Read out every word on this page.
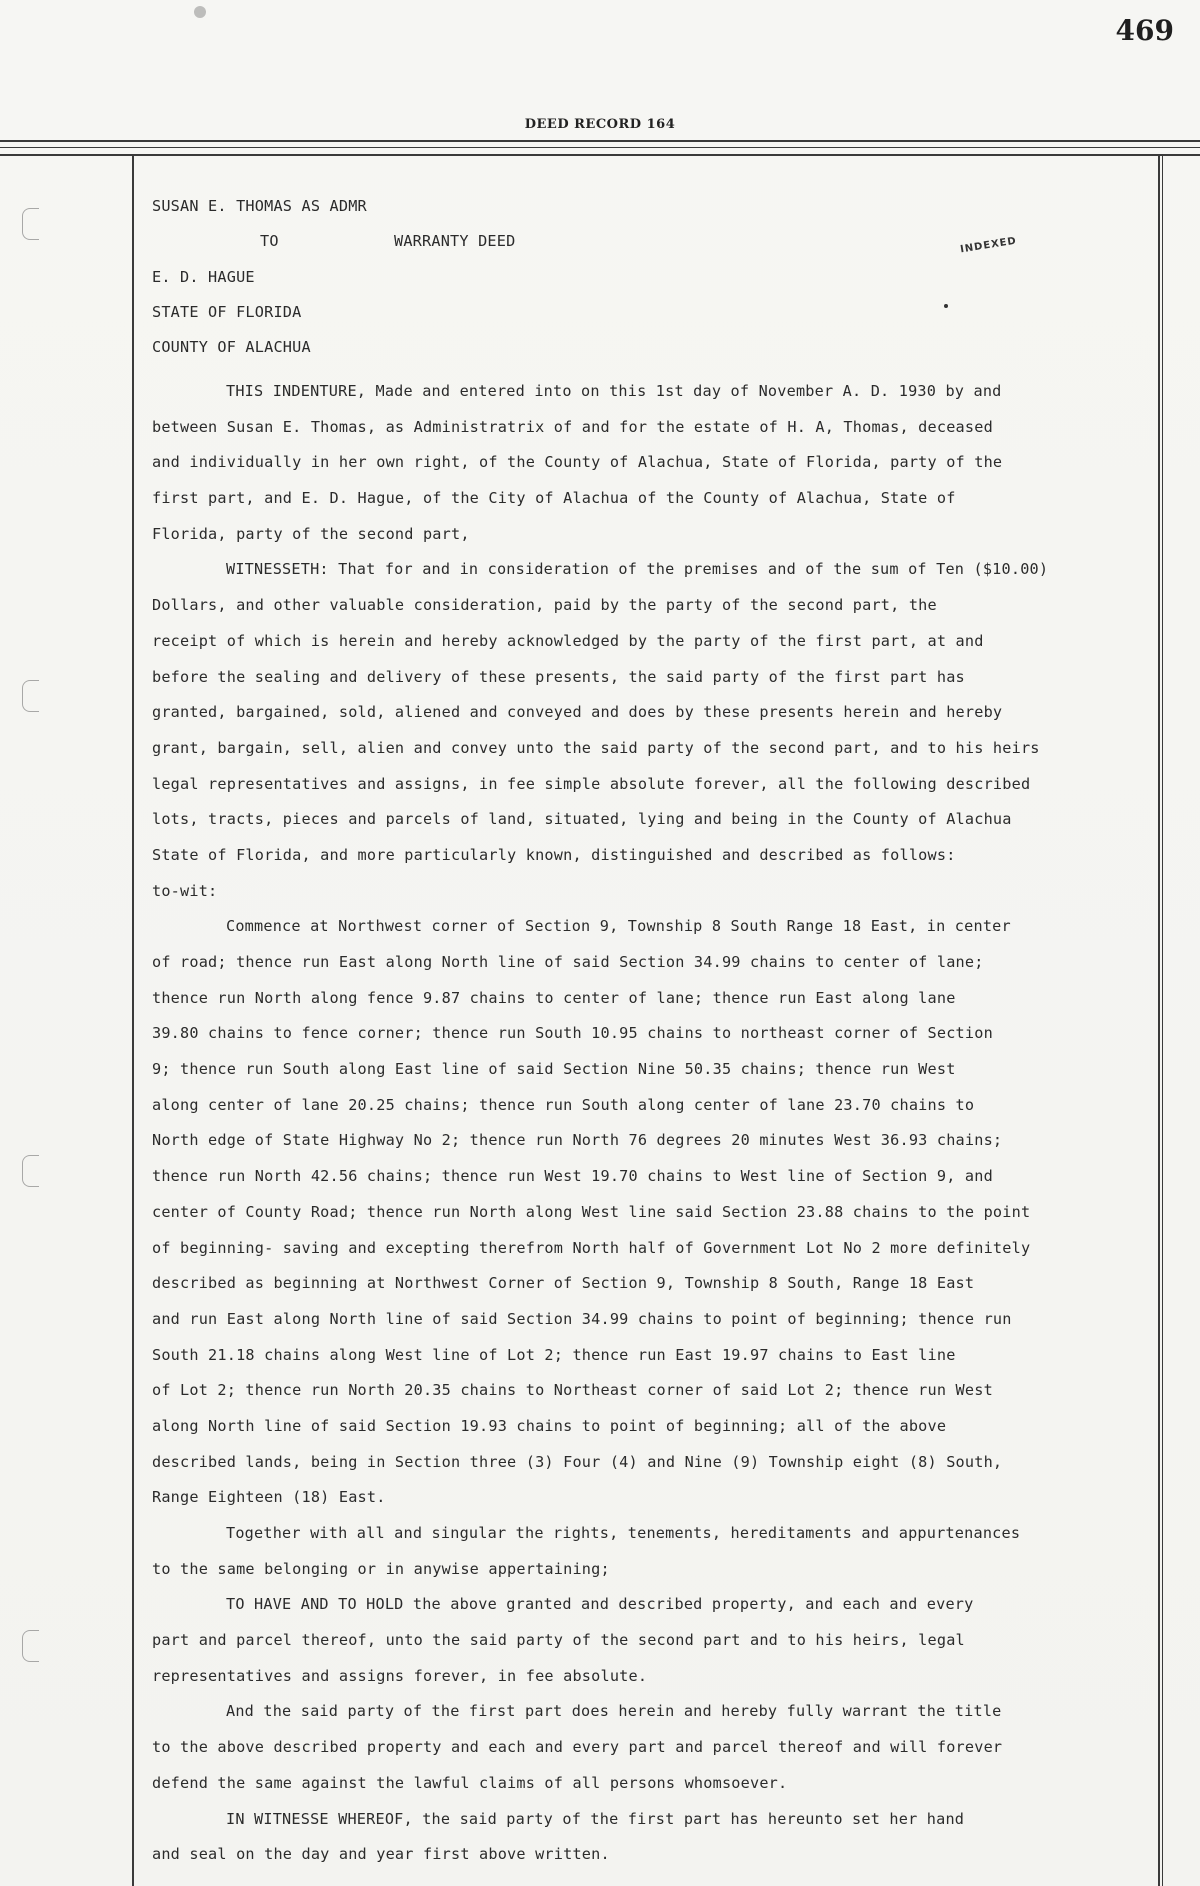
469
DEED RECORD 164
INDEXED
SUSAN E. THOMAS AS ADMR
TO	WARRANTY DEED
E. D. HAGUE
STATE OF FLORIDA
COUNTY OF ALACHUA
THIS INDENTURE, Made and entered into on this 1st day of November A. D. 1930 by and
between Susan E. Thomas, as Administratrix of and for the estate of H. A, Thomas, deceased
and individually in her own right, of the County of Alachua, State of Florida, party of the
first part, and E. D. Hague, of the City of Alachua of the County of Alachua, State of
Florida, party of the second part,
WITNESSETH: That for and in consideration of the premises and of the sum of Ten ($10.00)
Dollars, and other valuable consideration, paid by the party of the second part, the
receipt of which is herein and hereby acknowledged by the party of the first part, at and
before the sealing and delivery of these presents, the said party of the first part has
granted, bargained, sold, aliened and conveyed and does by these presents herein and hereby
grant, bargain, sell, alien and convey unto the said party of the second part, and to his heirs
legal representatives and assigns, in fee simple absolute forever, all the following described
lots, tracts, pieces and parcels of land, situated, lying and being in the County of Alachua
State of Florida, and more particularly known, distinguished and described as follows:
to-wit:
Commence at Northwest corner of Section 9, Township 8 South Range 18 East, in center
of road; thence run East along North line of said Section 34.99 chains to center of lane;
thence run North along fence 9.87 chains to center of lane; thence run East along lane
39.80 chains to fence corner; thence run South 10.95 chains to northeast corner of Section
9; thence run South along East line of said Section Nine 50.35 chains; thence run West
along center of lane 20.25 chains; thence run South along center of lane 23.70 chains to
North edge of State Highway No 2; thence run North 76 degrees 20 minutes West 36.93 chains;
thence run North 42.56 chains; thence run West 19.70 chains to West line of Section 9, and
center of County Road; thence run North along West line said Section 23.88 chains to the point
of beginning- saving and excepting therefrom North half of Government Lot No 2 more definitely
described as beginning at Northwest Corner of Section 9, Township 8 South, Range 18 East
and run East along North line of said Section 34.99 chains to point of beginning; thence run
South 21.18 chains along West line of Lot 2; thence run East 19.97 chains to East line
of Lot 2; thence run North 20.35 chains to Northeast corner of said Lot 2; thence run West
along North line of said Section 19.93 chains to point of beginning; all of the above
described lands, being in Section three (3) Four (4) and Nine (9) Township eight (8) South,
Range Eighteen (18) East.
Together with all and singular the rights, tenements, hereditaments and appurtenances
to the same belonging or in anywise appertaining;
TO HAVE AND TO HOLD the above granted and described property, and each and every
part and parcel thereof, unto the said party of the second part and to his heirs, legal
representatives and assigns forever, in fee absolute.
And the said party of the first part does herein and hereby fully warrant the title
to the above described property and each and every part and parcel thereof and will forever
defend the same against the lawful claims of all persons whomsoever.
IN WITNESSE WHEREOF, the said party of the first part has hereunto set her hand
and seal on the day and year first above written.
